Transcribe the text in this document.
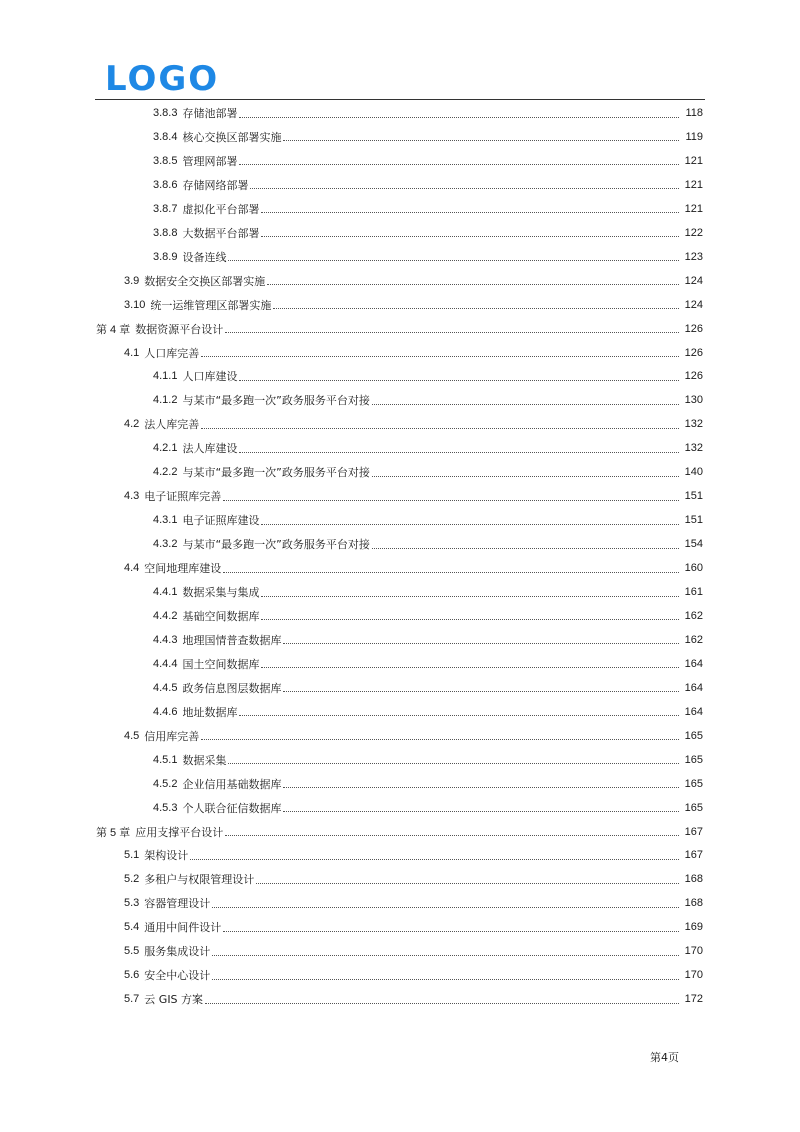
LOGO
3.8.3 存储池部署	118
3.8.4 核心交换区部署实施	119
3.8.5 管理网部署	121
3.8.6 存储网络部署	121
3.8.7 虚拟化平台部署	121
3.8.8 大数据平台部署	122
3.8.9 设备连线	123
3.9 数据安全交换区部署实施	124
3.10 统一运维管理区部署实施	124
第 4 章 数据资源平台设计	126
4.1 人口库完善	126
4.1.1 人口库建设	126
4.1.2 与某市“最多跑一次”政务服务平台对接	130
4.2 法人库完善	132
4.2.1 法人库建设	132
4.2.2 与某市“最多跑一次”政务服务平台对接	140
4.3 电子证照库完善	151
4.3.1 电子证照库建设	151
4.3.2 与某市“最多跑一次”政务服务平台对接	154
4.4 空间地理库建设	160
4.4.1 数据采集与集成	161
4.4.2 基础空间数据库	162
4.4.3 地理国情普查数据库	162
4.4.4 国土空间数据库	164
4.4.5 政务信息图层数据库	164
4.4.6 地址数据库	164
4.5 信用库完善	165
4.5.1 数据采集	165
4.5.2 企业信用基础数据库	165
4.5.3 个人联合征信数据库	165
第 5 章 应用支撑平台设计	167
5.1 架构设计	167
5.2 多租户与权限管理设计	168
5.3 容器管理设计	168
5.4 通用中间件设计	169
5.5 服务集成设计	170
5.6 安全中心设计	170
5.7 云 GIS 方案	172
第4页
